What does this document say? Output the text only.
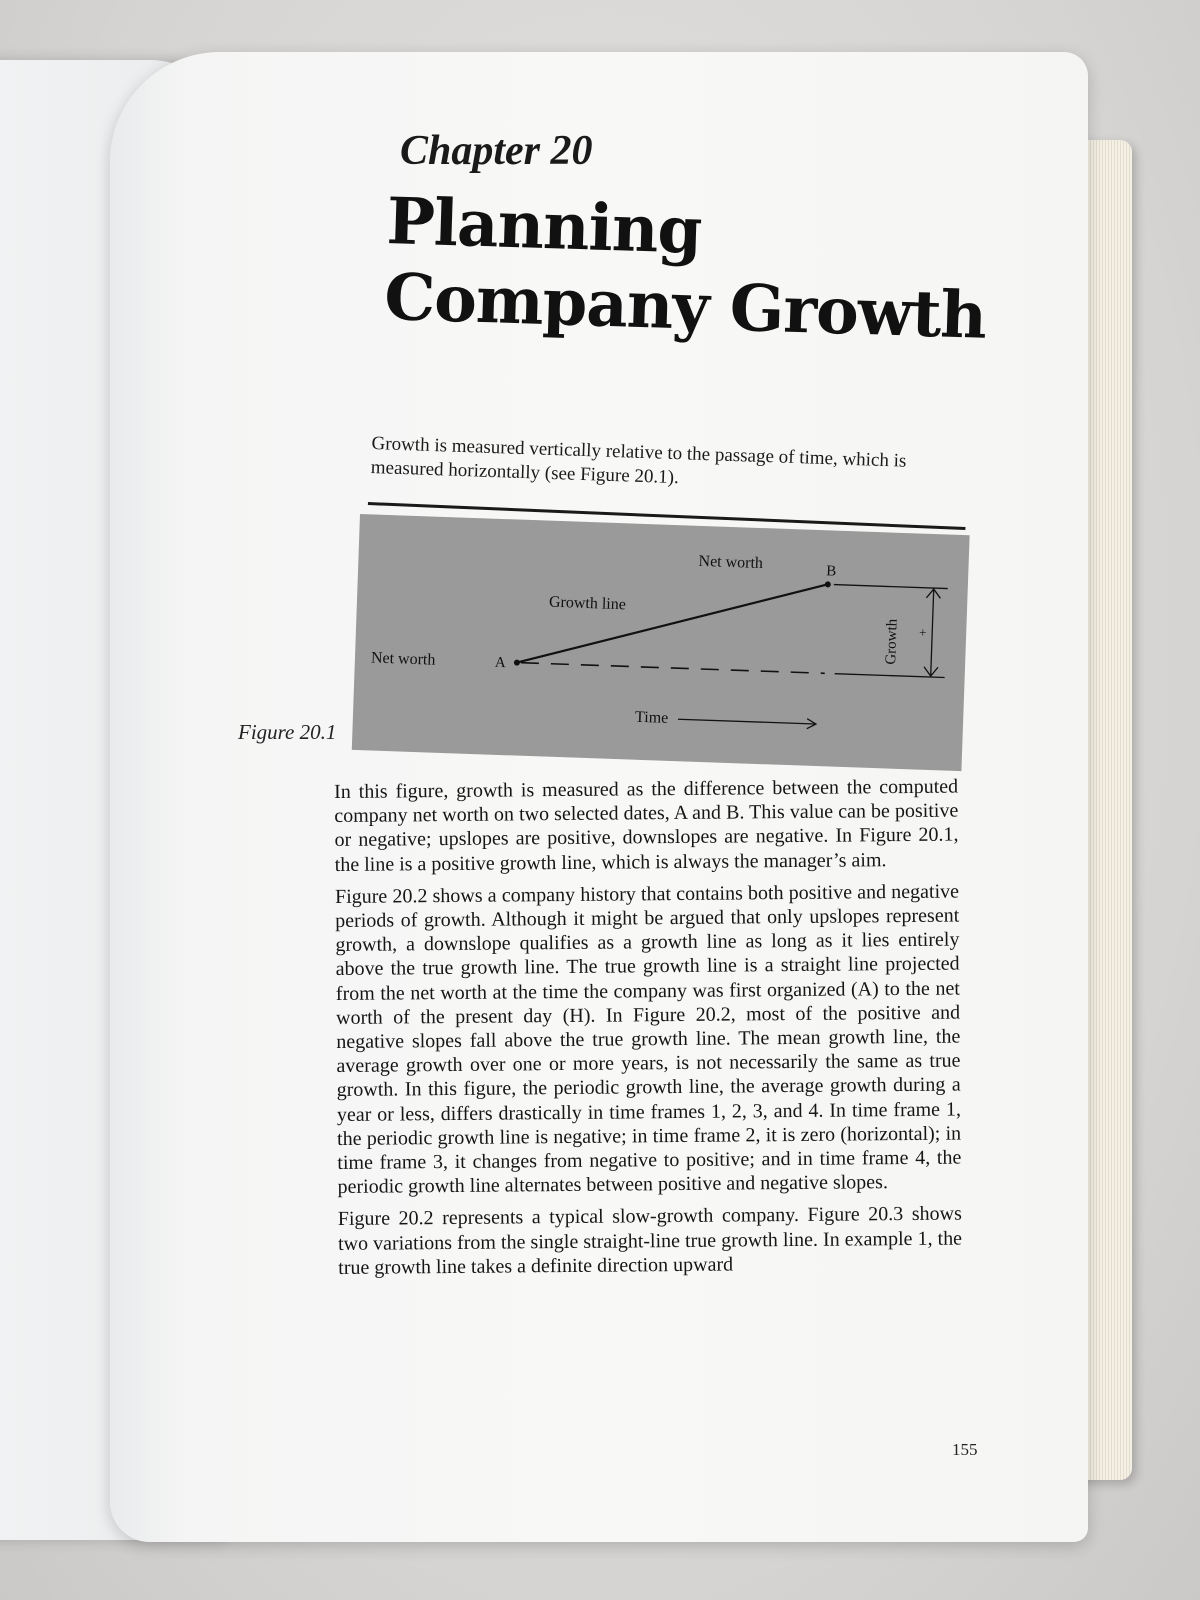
Chapter 20
Planning
Company Growth

Growth is measured vertically relative to the passage of time, which is measured horizontally (see Figure 20.1).

Net worth	B
Growth line
Net worth	A	Growth +
Time

Figure 20.1

In this figure, growth is measured as the difference between the computed company net worth on two selected dates, A and B. This value can be positive or negative; upslopes are positive, downslopes are negative. In Figure 20.1, the line is a positive growth line, which is always the manager’s aim.

Figure 20.2 shows a company history that contains both positive and negative periods of growth. Although it might be argued that only upslopes represent growth, a downslope qualifies as a growth line as long as it lies entirely above the true growth line. The true growth line is a straight line projected from the net worth at the time the company was first organized (A) to the net worth of the present day (H). In Figure 20.2, most of the positive and negative slopes fall above the true growth line. The mean growth line, the average growth over one or more years, is not necessarily the same as true growth. In this figure, the periodic growth line, the average growth during a year or less, differs drastically in time frames 1, 2, 3, and 4. In time frame 1, the periodic growth line is negative; in time frame 2, it is zero (horizontal); in time frame 3, it changes from negative to positive; and in time frame 4, the periodic growth line alternates between positive and negative slopes.

Figure 20.2 represents a typical slow-growth company. Figure 20.3 shows two variations from the single straight-line true growth line. In example 1, the true growth line takes a definite direction upward

155
